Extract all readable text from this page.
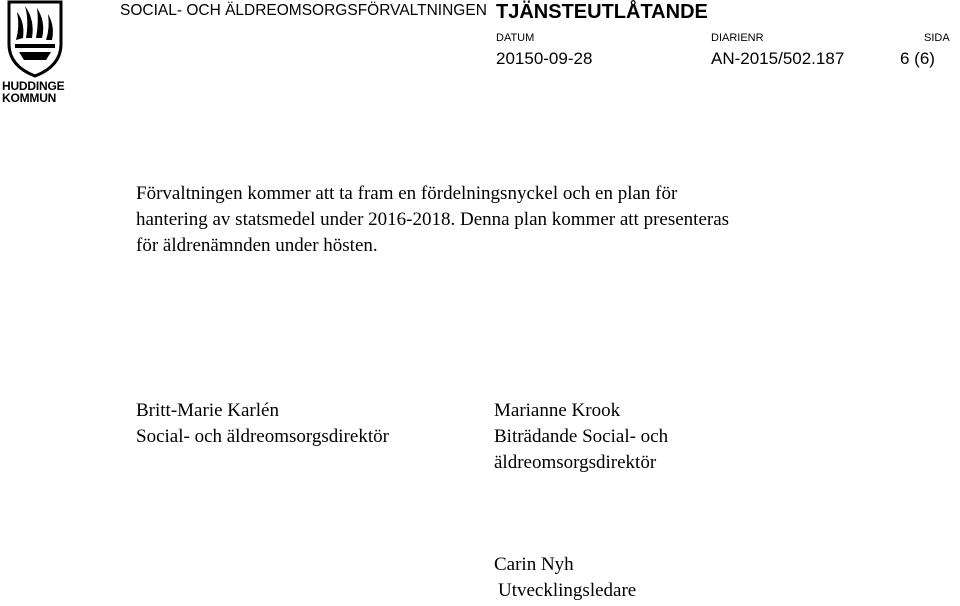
HUDDINGE
KOMMUN
SOCIAL- OCH ÄLDREOMSORGSFÖRVALTNINGEN TJÄNSTEUTLÅTANDE
DATUM
20150-09-28
DIARIENR
AN-2015/502.187
SIDA
6 (6)

Förvaltningen kommer att ta fram en fördelningsnyckel och en plan för

hantering av statsmedel under 2016-2018. Denna plan kommer att presenteras

för äldrenämnden under hösten.

Britt-Marie Karlén
Social- och äldreomsorgsdirektör
Marianne Krook
Biträdande Social- och
äldreomsorgsdirektör
Carin Nyh
Utvecklingsledare
